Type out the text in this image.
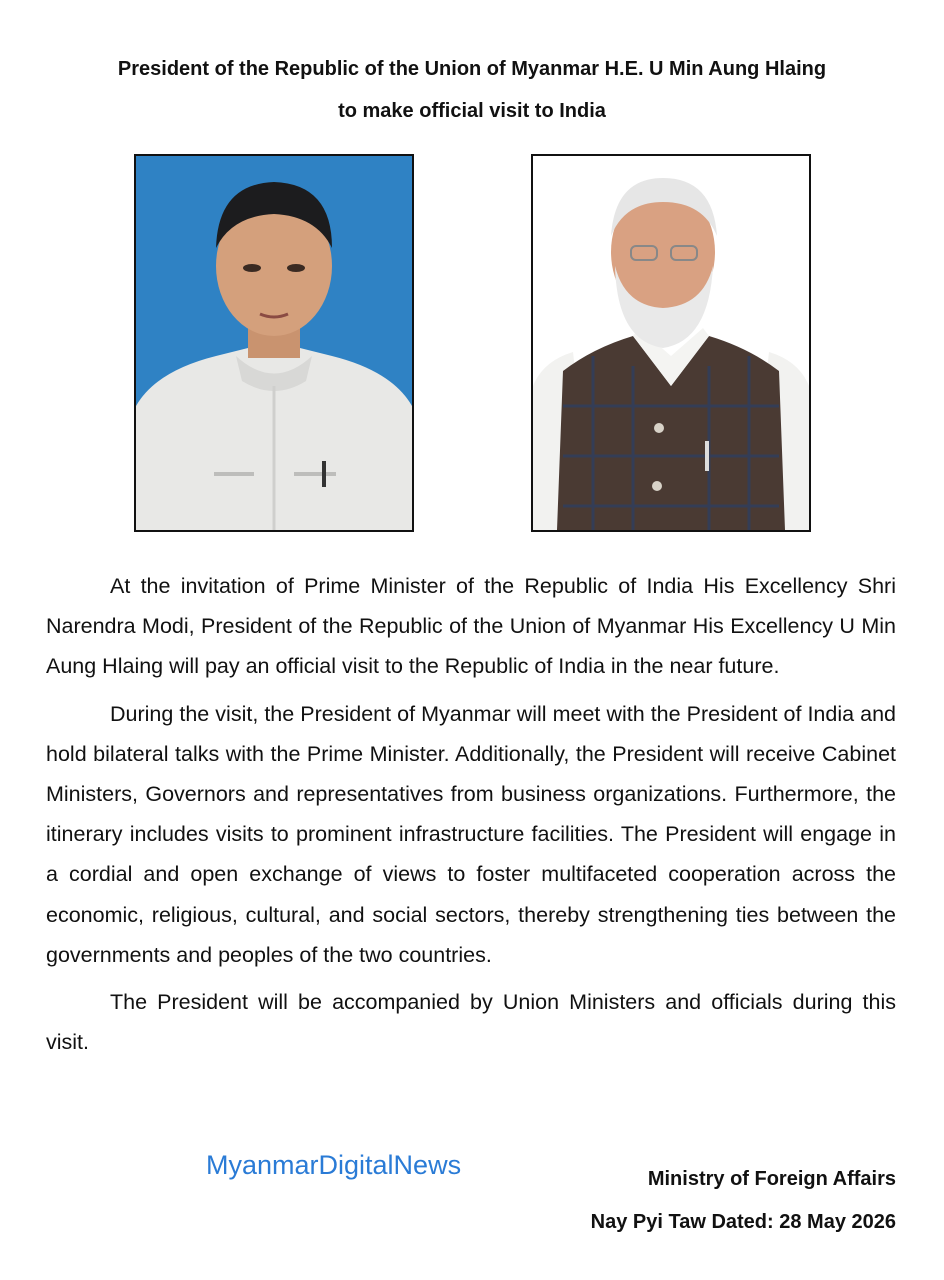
President of the Republic of the Union of Myanmar H.E. U Min Aung Hlaing
to make official visit to India

At the invitation of Prime Minister of the Republic of India His Excellency Shri Narendra Modi, President of the Republic of the Union of Myanmar His Excellency U Min Aung Hlaing will pay an official visit to the Republic of India in the near future.

During the visit, the President of Myanmar will meet with the President of India and hold bilateral talks with the Prime Minister. Additionally, the President will receive Cabinet Ministers, Governors and representatives from business organizations. Furthermore, the itinerary includes visits to prominent infrastructure facilities. The President will engage in a cordial and open exchange of views to foster multifaceted cooperation across the economic, religious, cultural, and social sectors, thereby strengthening ties between the governments and peoples of the two countries.

The President will be accompanied by Union Ministers and officials during this visit.

MyanmarDigitalNews	Ministry of Foreign Affairs
Nay Pyi Taw Dated: 28 May 2026
